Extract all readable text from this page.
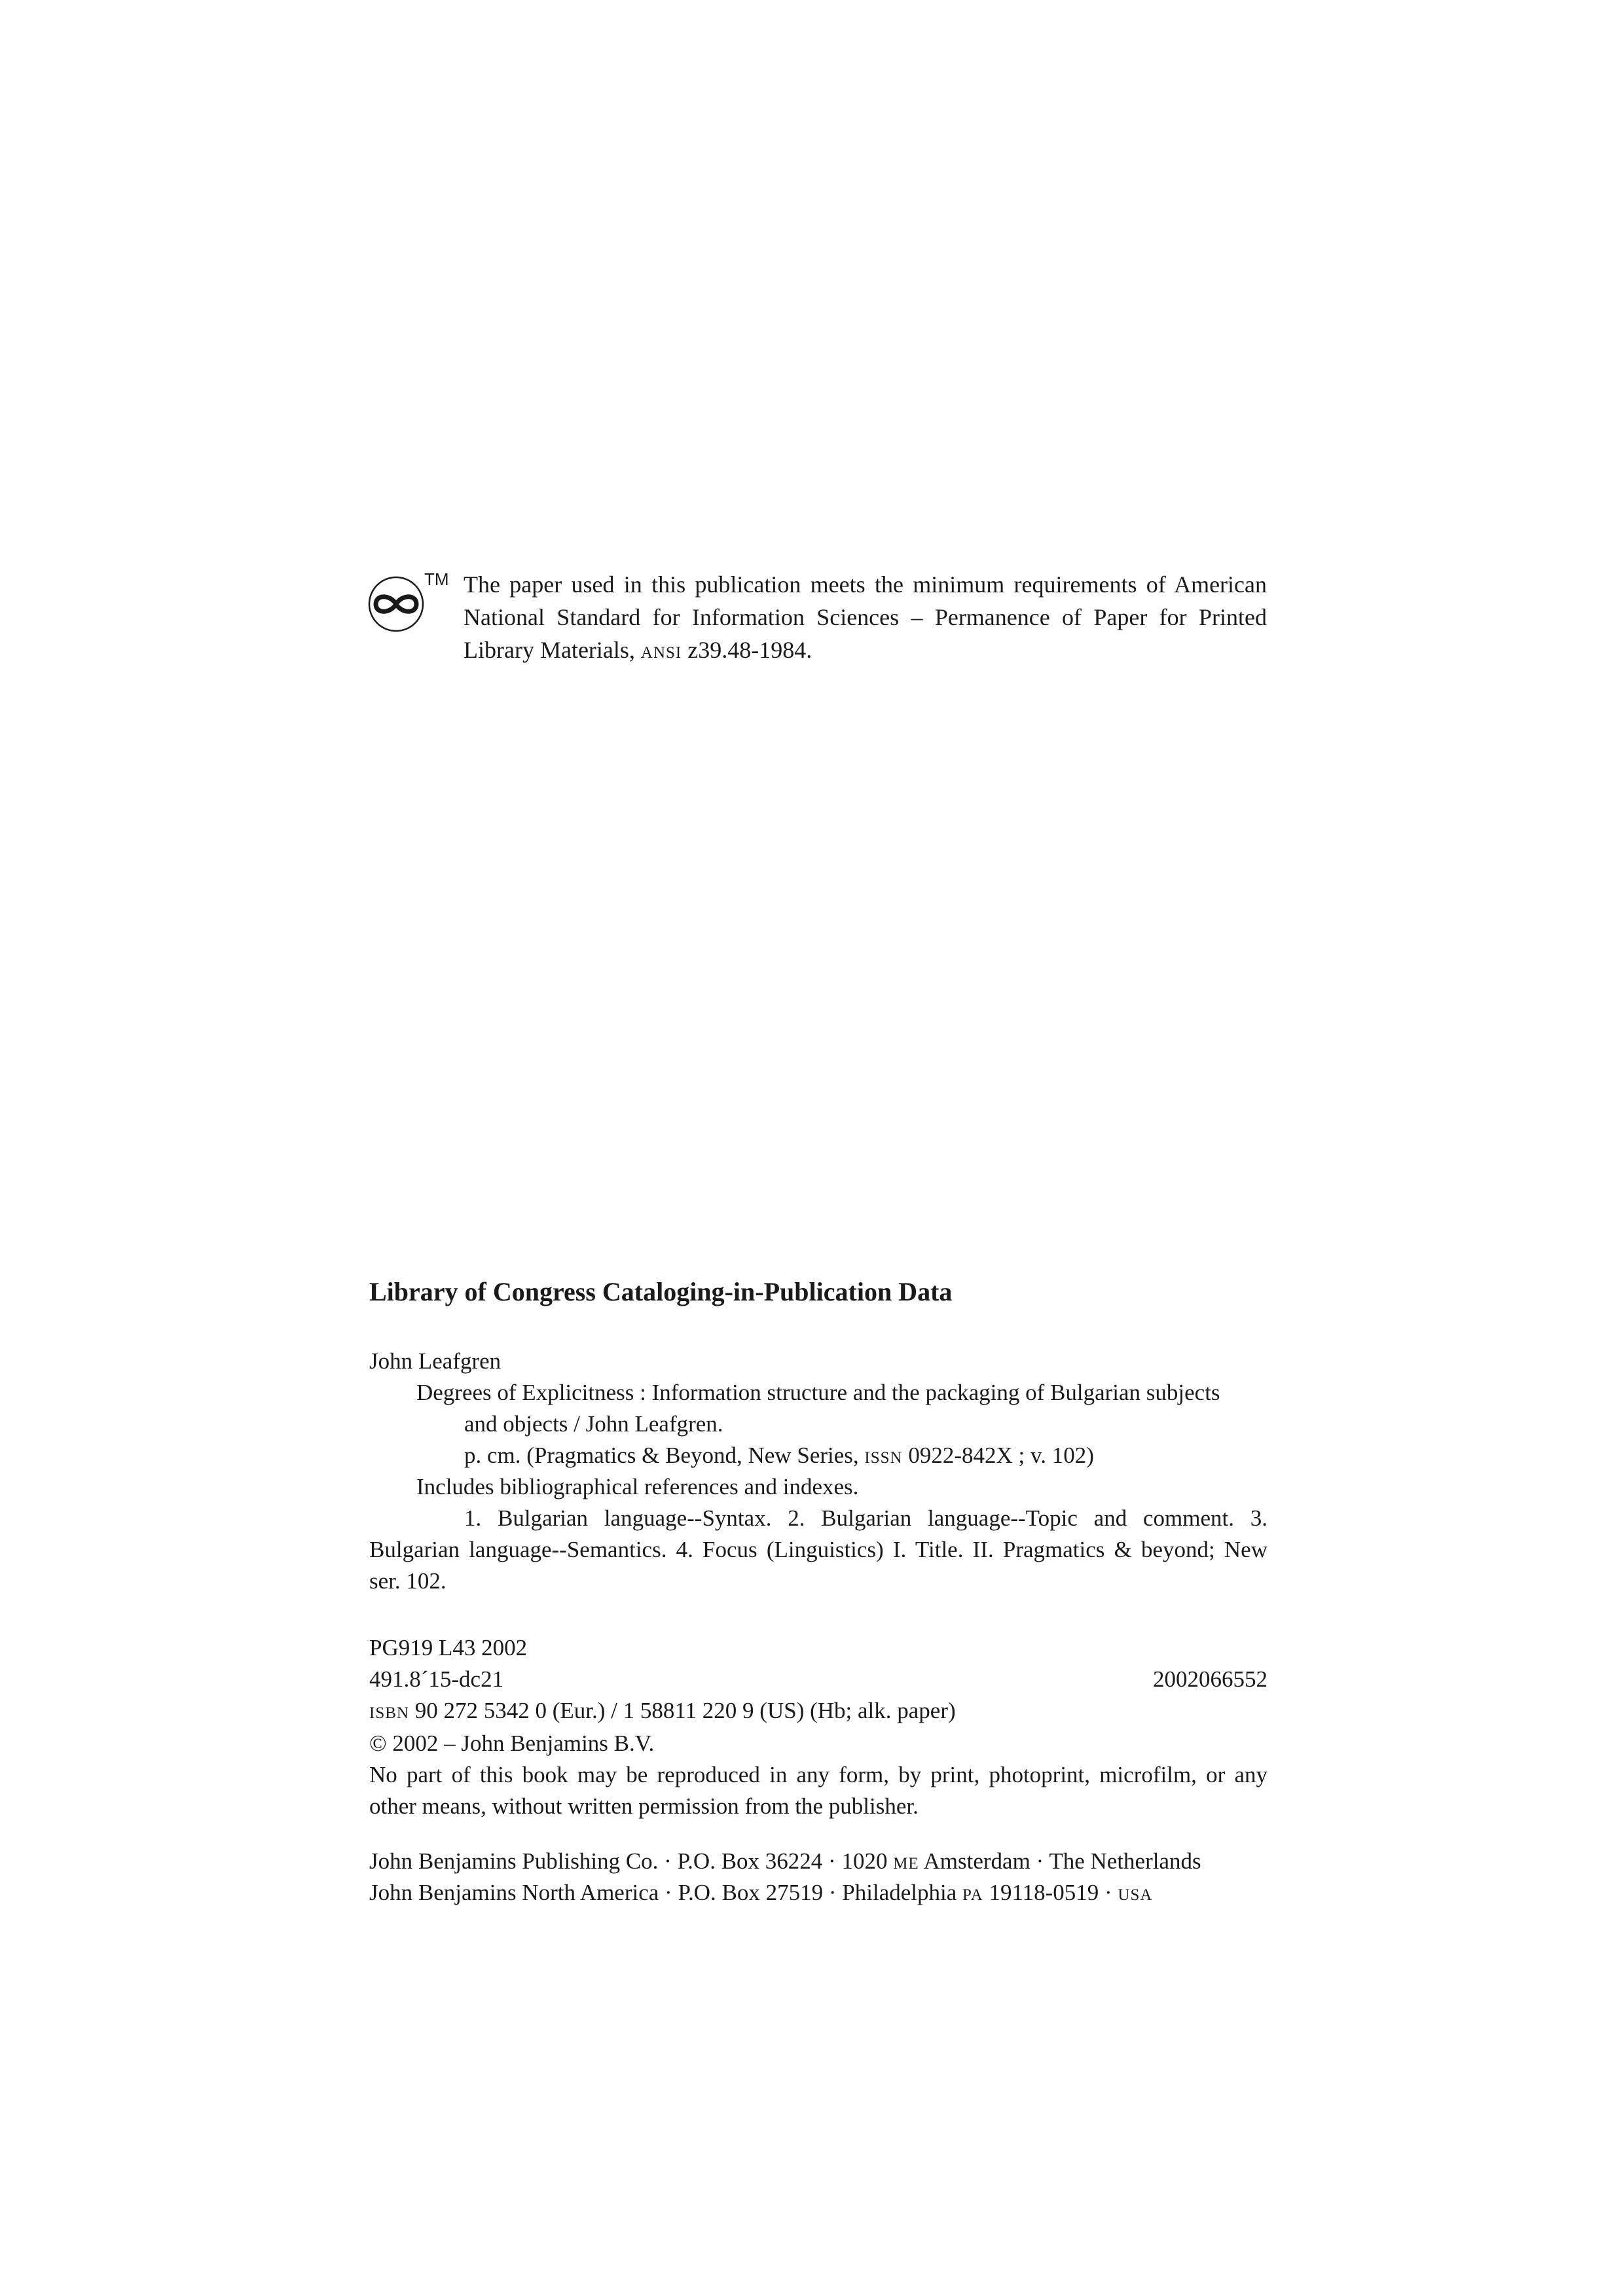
TM The paper used in this publication meets the minimum requirements of American
National Standard for Information Sciences – Permanence of Paper for Printed
Library Materials, ansi z39.48-1984.

Library of Congress Cataloging-in-Publication Data
John Leafgren
Degrees of Explicitness : Information structure and the packaging of Bulgarian subjects
and objects / John Leafgren.
p. cm. (Pragmatics & Beyond, New Series, issn 0922-842X ; v. 102)
Includes bibliographical references and indexes.
1. Bulgarian language--Syntax. 2. Bulgarian language--Topic and comment. 3.
Bulgarian language--Semantics. 4. Focus (Linguistics) I. Title. II. Pragmatics & beyond; New
ser. 102.
PG919 L43 2002
491.8´15-dc21	2002066552
isbn 90 272 5342 0 (Eur.) / 1 58811 220 9 (US) (Hb; alk. paper)
© 2002 – John Benjamins B.V.
No part of this book may be reproduced in any form, by print, photoprint, microfilm, or any
other means, without written permission from the publisher.
John Benjamins Publishing Co. · P.O. Box 36224 · 1020 me Amsterdam · The Netherlands
John Benjamins North America · P.O. Box 27519 · Philadelphia pa 19118-0519 · usa
